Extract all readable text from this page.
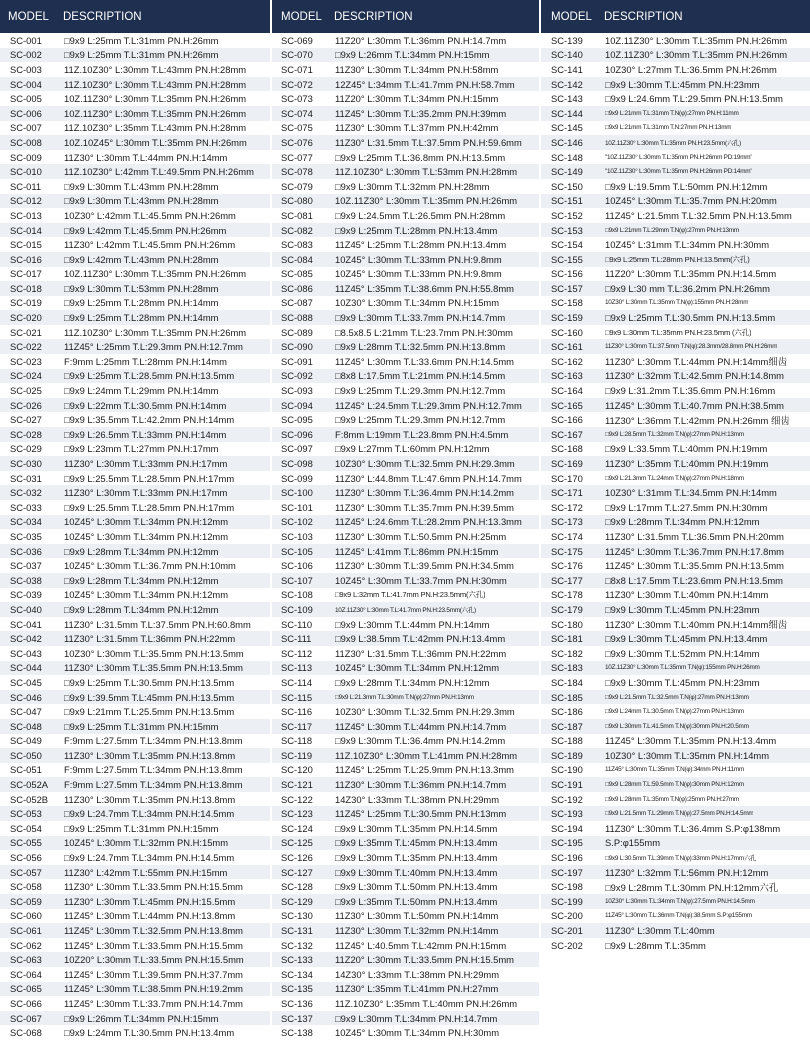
MODEL	DESCRIPTION
SC-001	□9x9 L:25mm T.L:31mm PN.H:26mm
SC-002	□9x9 L:25mm T.L:31mm PN.H:26mm
SC-003	11Z.10Z30° L:30mm T.L:43mm PN.H:28mm
SC-004	11Z.10Z30° L:30mm T.L:43mm PN.H:28mm
SC-005	10Z.11Z30° L:30mm T.L:35mm PN.H:26mm
SC-006	10Z.11Z30° L:30mm T.L:35mm PN.H:26mm
SC-007	11Z.10Z30° L:35mm T.L:43mm PN.H:28mm
SC-008	10Z.10Z45° L:30mm T.L:35mm PN.H:26mm
SC-009	11Z30° L:30mm T.L:44mm PN.H:14mm
SC-010	11Z.10Z30° L:42mm T.L:49.5mm PN.H:26mm
SC-011	□9x9 L:30mm T.L:43mm PN.H:28mm
SC-012	□9x9 L:30mm T.L:43mm PN.H:28mm
SC-013	10Z30° L:42mm T.L:45.5mm PN.H:26mm
SC-014	□9x9 L:42mm T.L:45.5mm PN.H:26mm
SC-015	11Z30° L:42mm T.L:45.5mm PN.H:26mm
SC-016	□9x9 L:42mm T.L:43mm PN.H:28mm
SC-017	10Z.11Z30° L:30mm T.L:35mm PN.H:26mm
SC-018	□9x9 L:30mm T.L:53mm PN.H:28mm
SC-019	□9x9 L:25mm T.L:28mm PN.H:14mm
SC-020	□9x9 L:25mm T.L:28mm PN.H:14mm
SC-021	11Z.10Z30° L:30mm T.L:35mm PN.H:26mm
SC-022	11Z45° L:25mm T.L:29.3mm PN.H:12.7mm
SC-023	F:9mm L:25mm T.L:28mm PN.H:14mm
SC-024	□9x9 L:25mm T.L:28.5mm PN.H:13.5mm
SC-025	□9x9 L:24mm T.L:29mm PN.H:14mm
SC-026	□9x9 L:22mm T.L:30.5mm PN.H:14mm
SC-027	□9x9 L:35.5mm T.L:42.2mm PN.H:14mm
SC-028	□9x9 L:26.5mm T.L:33mm PN.H:14mm
SC-029	□9x9 L:23mm T.L:27mm PN.H:17mm
SC-030	11Z30° L:30mm T.L:33mm PN.H:17mm
SC-031	□9x9 L:25.5mm T.L:28.5mm PN.H:17mm
SC-032	11Z30° L:30mm T.L:33mm PN.H:17mm
SC-033	□9x9 L:25.5mm T.L:28.5mm PN.H:17mm
SC-034	10Z45° L:30mm T.L:34mm PN.H:12mm
SC-035	10Z45° L:30mm T.L:34mm PN.H:12mm
SC-036	□9x9 L:28mm T.L:34mm PN.H:12mm
SC-037	10Z45° L:30mm T.L:36.7mm PN.H:10mm
SC-038	□9x9 L:28mm T.L:34mm PN.H:12mm
SC-039	10Z45° L:30mm T.L:34mm PN.H:12mm
SC-040	□9x9 L:28mm T.L:34mm PN.H:12mm
SC-041	11Z30° L:31.5mm T.L:37.5mm PN.H:60.8mm
SC-042	11Z30° L:31.5mm T.L:36mm PN.H:22mm
SC-043	10Z30° L:30mm T.L:35.5mm PN.H:13.5mm
SC-044	11Z30° L:30mm T.L:35.5mm PN.H:13.5mm
SC-045	□9x9 L:25mm T.L:30.5mm PN.H:13.5mm
SC-046	□9x9 L:39.5mm T.L:45mm PN.H:13.5mm
SC-047	□9x9 L:21mm T.L:25.5mm PN.H:13.5mm
SC-048	□9x9 L:25mm T.L:31mm PN.H:15mm
SC-049	F:9mm L:27.5mm T.L:34mm PN.H:13.8mm
SC-050	11Z30° L:30mm T.L:35mm PN.H:13.8mm
SC-051	F:9mm L:27.5mm T.L:34mm PN.H:13.8mm
SC-052A	F:9mm L:27.5mm T.L:34mm PN.H:13.8mm
SC-052B	11Z30° L:30mm T.L:35mm PN.H:13.8mm
SC-053	□9x9 L:24.7mm T.L:34mm PN.H:14.5mm
SC-054	□9x9 L:25mm T.L:31mm PN.H:15mm
SC-055	10Z45° L:30mm T.L:32mm PN.H:15mm
SC-056	□9x9 L:24.7mm T.L:34mm PN.H:14.5mm
SC-057	11Z30° L:42mm T.L:55mm PN.H:15mm
SC-058	11Z30° L:30mm T.L:33.5mm PN.H:15.5mm
SC-059	11Z30° L:30mm T.L:45mm PN.H:15.5mm
SC-060	11Z45° L:30mm T.L:44mm PN.H:13.8mm
SC-061	11Z45° L:30mm T.L:32.5mm PN.H:13.8mm
SC-062	11Z45° L:30mm T.L:33.5mm PN.H:15.5mm
SC-063	10Z20° L:30mm T.L:33.5mm PN.H:15.5mm
SC-064	11Z45° L:30mm T.L:39.5mm PN.H:37.7mm
SC-065	11Z45° L:30mm T.L:38.5mm PN.H:19.2mm
SC-066	11Z45° L:30mm T.L:33.7mm PN.H:14.7mm
SC-067	□9x9 L:26mm T.L:34mm PN.H:15mm
SC-068	□9x9 L:24mm T.L:30.5mm PN.H:13.4mm
MODEL	DESCRIPTION
SC-069	11Z20° L:30mm T.L:36mm PN.H:14.7mm
SC-070	□9x9 L:26mm T.L:34mm PN.H:15mm
SC-071	11Z30° L:30mm T.L:34mm PN.H:58mm
SC-072	12Z45° L:34mm T.L:41.7mm PN.H:58.7mm
SC-073	11Z20° L:30mm T.L:34mm PN.H:15mm
SC-074	11Z45° L:30mm T.L:35.2mm PN.H:39mm
SC-075	11Z30° L:30mm T.L:37mm PN.H:42mm
SC-076	11Z30° L:31.5mm T.L:37.5mm PN.H:59.6mm
SC-077	□9x9 L:25mm T.L:36.8mm PN.H:13.5mm
SC-078	11Z.10Z30° L:30mm T.L:53mm PN.H:28mm
SC-079	□9x9 L:30mm T.L:32mm PN.H:28mm
SC-080	10Z.11Z30° L:30mm T.L:35mm PN.H:26mm
SC-081	□9x9 L:24.5mm T.L:26.5mm PN.H:28mm
SC-082	□9x9 L:25mm T.L:28mm PN.H:13.4mm
SC-083	11Z45° L:25mm T.L:28mm PN.H:13.4mm
SC-084	10Z45° L:30mm T.L:33mm PN.H:9.8mm
SC-085	10Z45° L:30mm T.L:33mm PN.H:9.8mm
SC-086	11Z45° L:35mm T.L:38.6mm PN.H:55.8mm
SC-087	10Z30° L:30mm T.L:34mm PN.H:15mm
SC-088	□9x9 L:30mm T.L:33.7mm PN.H:14.7mm
SC-089	□8.5x8.5 L:21mm T.L:23.7mm PN.H:30mm
SC-090	□9x9 L:28mm T.L:32.5mm PN.H:13.8mm
SC-091	11Z45° L:30mm T.L:33.6mm PN.H:14.5mm
SC-092	□8x8 L:17.5mm T.L:21mm PN.H:14.5mm
SC-093	□9x9 L:25mm T.L:29.3mm PN.H:12.7mm
SC-094	11Z45° L:24.5mm T.L:29.3mm PN.H:12.7mm
SC-095	□9x9 L:25mm T.L:29.3mm PN.H:12.7mm
SC-096	F:8mm L:19mm T.L:23.8mm PN.H:4.5mm
SC-097	□9x9 L:27mm T.L:60mm PN.H:12mm
SC-098	10Z30° L:30mm T.L:32.5mm PN.H:29.3mm
SC-099	11Z30° L:44.8mm T.L:47.6mm PN.H:14.7mm
SC-100	11Z30° L:30mm T.L:36.4mm PN.H:14.2mm
SC-101	11Z30° L:30mm T.L:35.7mm PN.H:39.5mm
SC-102	11Z45° L:24.6mm T.L:28.2mm PN.H:13.3mm
SC-103	11Z30° L:30mm T.L:50.5mm PN.H:25mm
SC-105	11Z45° L:41mm T.L:86mm PN.H:15mm
SC-106	11Z30° L:30mm T.L:39.5mm PN.H:34.5mm
SC-107	10Z45° L:30mm T.L:33.7mm PN.H:30mm
SC-108	□9x9 L:32mm T.L:41.7mm PN.H:23.5mm(六孔)
SC-109	10Z.11Z30° L:30mm T.L:41.7mm PN.H:23.5mm(六孔)
SC-110	□9x9 L:30mm T.L:44mm PN.H:14mm
SC-111	□9x9 L:38.5mm T.L:42mm PN.H:13.4mm
SC-112	11Z30° L:31.5mm T.L:36mm PN.H:22mm
SC-113	10Z45° L:30mm T.L:34mm PN.H:12mm
SC-114	□9x9 L:28mm T.L:34mm PN.H:12mm
SC-115	□9x9 L:21.3mm T.L:30mm T.N(φ):27mm PN.H:13mm
SC-116	10Z30° L:30mm T.L:32.5mm PN.H:29.3mm
SC-117	11Z45° L:30mm T.L:44mm PN.H:14.7mm
SC-118	□9x9 L:30mm T.L:36.4mm PN.H:14.2mm
SC-119	11Z.10Z30° L:30mm T.L:41mm PN.H:28mm
SC-120	11Z45° L:25mm T.L:25.9mm PN.H:13.3mm
SC-121	11Z30° L:30mm T.L:36mm PN.H:14.7mm
SC-122	14Z30° L:33mm T.L:38mm PN.H:29mm
SC-123	11Z45° L:25mm T.L:30.5mm PN.H:13mm
SC-124	□9x9 L:30mm T.L:35mm PN.H:14.5mm
SC-125	□9x9 L:35mm T.L:45mm PN.H:13.4mm
SC-126	□9x9 L:30mm T.L:35mm PN.H:13.4mm
SC-127	□9x9 L:30mm T.L:40mm PN.H:13.4mm
SC-128	□9x9 L:30mm T.L:50mm PN.H:13.4mm
SC-129	□9x9 L:35mm T.L:50mm PN.H:13.4mm
SC-130	11Z30° L:30mm T.L:50mm PN.H:14mm
SC-131	11Z30° L:30mm T.L:32mm PN.H:14mm
SC-132	11Z45° L:40.5mm T.L:42mm PN.H:15mm
SC-133	11Z20° L:30mm T.L:33.5mm PN.H:15.5mm
SC-134	14Z30° L:33mm T.L:38mm PN.H:29mm
SC-135	11Z30° L:35mm T.L:41mm PN.H:27mm
SC-136	11Z.10Z30° L:35mm T.L:40mm PN.H:26mm
SC-137	□9x9 L:30mm T.L:34mm PN.H:14.7mm
SC-138	10Z45° L:30mm T.L:34mm PN.H:30mm
MODEL	DESCRIPTION
SC-139	10Z.11Z30° L:30mm T.L:35mm PN.H:26mm
SC-140	10Z.11Z30° L:30mm T.L:35mm PN.H:26mm
SC-141	10Z30° L:27mm T.L:36.5mm PN.H:26mm
SC-142	□9x9 L:30mm T.L:45mm PN.H:23mm
SC-143	□9x9 L:24.6mm T.L:29.5mm PN.H:13.5mm
SC-144	□9x9 L:21mm T.L:31mm T.N(φ):27mm PN.H:11mm
SC-145	□9x9 L:21mm T.L:31mm T.N:27mm PN.H:13mm
SC-146	10Z.11Z30° L:30mm T.L:35mm PN.H:23.5mm(六孔)
SC-148	"10Z.11Z30° L:30mm T.L:35mm PN.H:26mm PD:19mm"
SC-149	"10Z.11Z30° L:30mm T.L:35mm PN.H:26mm PD:14mm"
SC-150	□9x9 L:19.5mm T.L:50mm PN.H:12mm
SC-151	10Z45° L:30mm T.L:35.7mm PN.H:20mm
SC-152	11Z45° L:21.5mm T.L:32.5mm PN.H:13.5mm
SC-153	□9x9 L:21mm T.L:29mm T.N(φ):27mm PN.H:13mm
SC-154	10Z45° L:31mm T.L:34mm PN.H:30mm
SC-155	□9x9 L:25mm T.L:28mm PN.H:13.5mm(六孔)
SC-156	11Z20° L:30mm T.L:35mm PN.H:14.5mm
SC-157	□9x9 L:30 mm T.L:36.2mm PN.H:26mm
SC-158	10Z30° L:30mm T.L:35mm T.N(φ):155mm PN.H:28mm
SC-159	□9x9 L:25mm T.L:30.5mm PN.H:13.5mm
SC-160	□9x9 L:30mm T.L:35mm PN.H:23.5mm (六孔)
SC-161	11Z30° L:30mm T.L:37.5mm T.N(φ):28.3mm/28.8mm PN.H:26mm
SC-162	11Z30° L:30mm T.L:44mm PN.H:14mm细齿
SC-163	11Z30° L:32mm T.L:42.5mm PN.H:14.8mm
SC-164	□9x9 L:31.2mm T.L:35.6mm PN.H:16mm
SC-165	11Z45° L:30mm T.L:40.7mm PN.H:38.5mm
SC-166	11Z30° L:36mm T.L:42mm PN.H:26mm 细齿
SC-167	□9x9 L:28.5mm T.L:32mm T.N(φ):27mm PN.H:13mm
SC-168	□9x9 L:33.5mm T.L:40mm PN.H:19mm
SC-169	11Z30° L:35mm T.L:40mm PN.H:19mm
SC-170	□9x9 L:21.3mm T.L:24mm T.N(φ):27mm PN.H:18mm
SC-171	10Z30° L:31mm T.L:34.5mm PN.H:14mm
SC-172	□9x9 L:17mm T.L:27.5mm PN.H:30mm
SC-173	□9x9 L:28mm T.L:34mm PN.H:12mm
SC-174	11Z30° L:31.5mm T.L:36.5mm PN.H:20mm
SC-175	11Z45° L:30mm T.L:36.7mm PN.H:17.8mm
SC-176	11Z45° L:30mm T.L:35.5mm PN.H:13.5mm
SC-177	□8x8 L:17.5mm T.L:23.6mm PN.H:13.5mm
SC-178	11Z30° L:30mm T.L:40mm PN.H:14mm
SC-179	□9x9 L:30mm T.L:45mm PN.H:23mm
SC-180	11Z30° L:30mm T.L:40mm PN.H:14mm细齿
SC-181	□9x9 L:30mm T.L:45mm PN.H:13.4mm
SC-182	□9x9 L:30mm T.L:52mm PN.H:14mm
SC-183	10Z.11Z30° L:30mm T.L:35mm T.N(φ):155mm PN.H:26mm
SC-184	□9x9 L:30mm T.L:45mm PN.H:23mm
SC-185	□9x9 L:21.5mm T.L:32.5mm T.N(φ):27mm PN.H:13mm
SC-186	□9x9 L:24mm T.L:30.5mm T.N(φ):27mm PN.H:13mm
SC-187	□9x9 L:30mm T.L:41.5mm T.N(φ):30mm PN.H:20.5mm
SC-188	11Z45° L:30mm T.L:35mm PN.H:13.4mm
SC-189	10Z30° L:30mm T.L:35mm PN.H:14mm
SC-190	11Z45° L:30mm T.L:35mm T.N(φ):34mm PN.H:11mm
SC-191	□9x9 L:28mm T.L:59.5mm T.N(φ):30mm PN.H:12mm
SC-192	□9x9 L:28mm T.L:35mm T.N(φ):25mm PN.H:27mm
SC-193	□9x9 L:21.5mm T.L:29mm T.N(φ):27.5mm PN.H:14.5mm
SC-194	11Z30° L:30mm T.L:36.4mm S.P:φ138mm
SC-195	S.P:φ155mm
SC-196	□9x9 L:30.5mm T.L:39mm T.N(φ):33mm PN.H:17mm六孔
SC-197	11Z30° L:32mm T.L:56mm PN.H:12mm
SC-198	□9x9 L:28mm T.L:30mm PN.H:12mm六孔
SC-199	10Z30° L:30mm T.L:34mm T.N(φ):27.5mm PN.H:14.5mm
SC-200	11Z45° L:30mm T.L:36mm T.N(φ):38.5mm S.P:φ155mm
SC-201	11Z30° L:30mm T.L:40mm
SC-202	□9x9 L:28mm T.L:35mm
